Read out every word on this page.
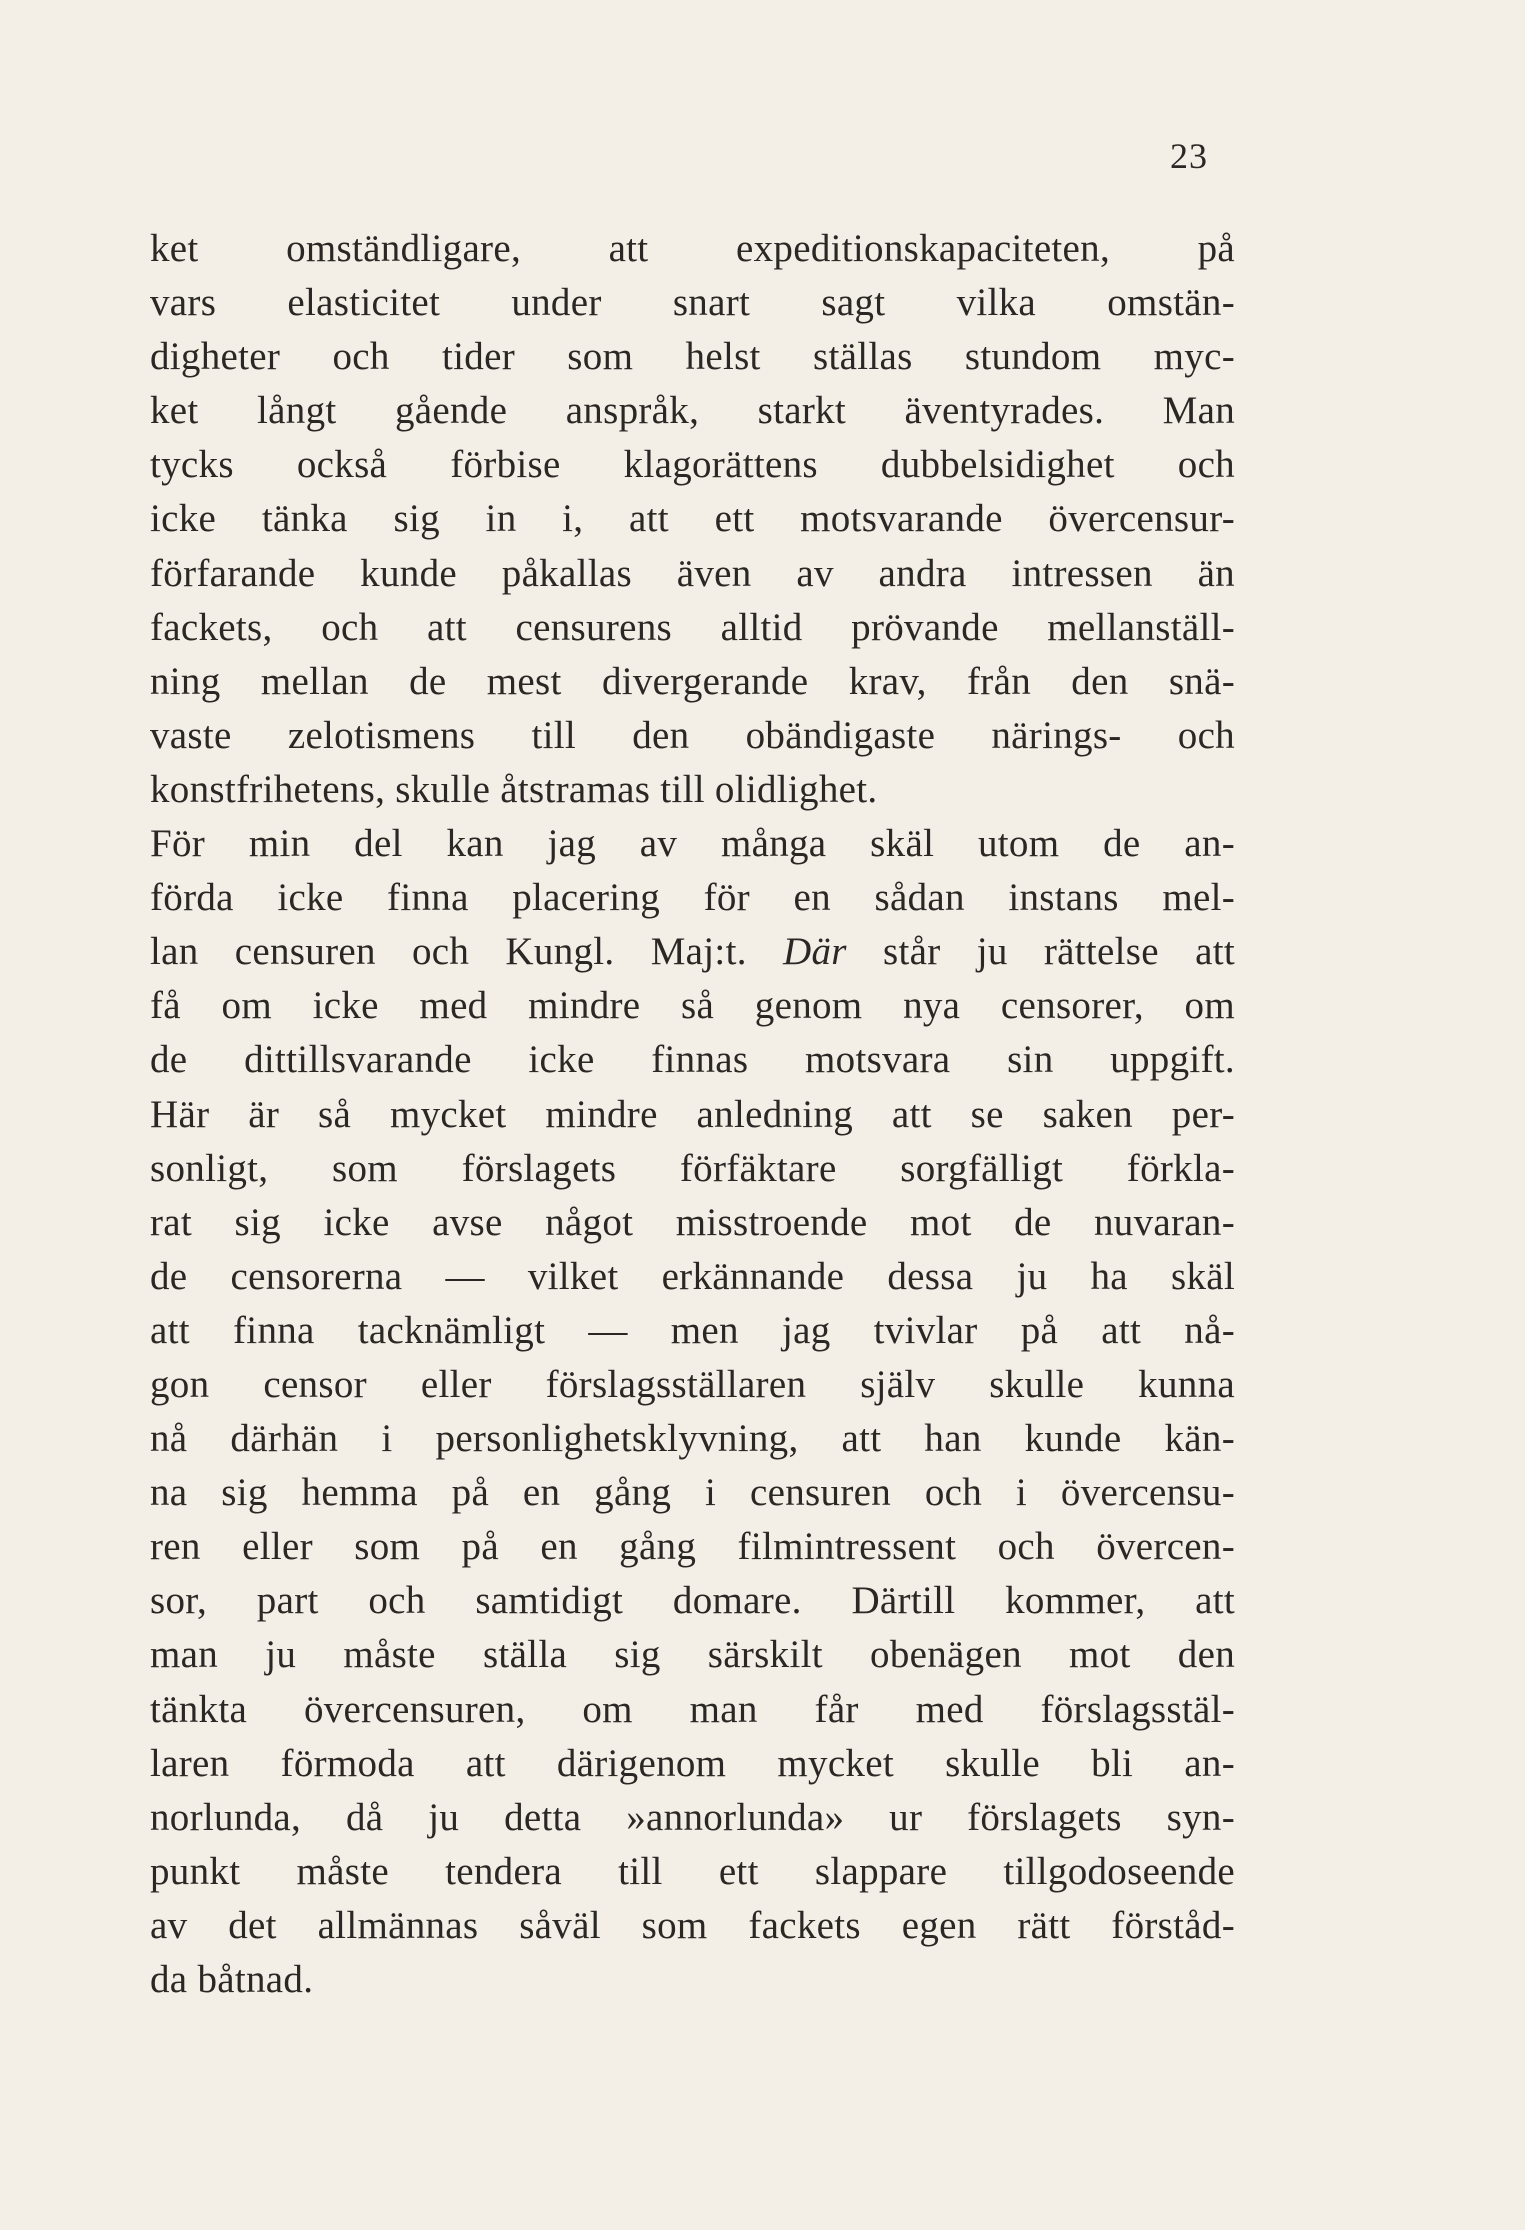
23
ket omständligare, att expeditionskapaciteten, på
vars elasticitet under snart sagt vilka omstän-
digheter och tider som helst ställas stundom myc-
ket långt gående anspråk, starkt äventyrades. Man
tycks också förbise klagorättens dubbelsidighet och
icke tänka sig in i, att ett motsvarande övercensur-
förfarande kunde påkallas även av andra intressen än
fackets, och att censurens alltid prövande mellanställ-
ning mellan de mest divergerande krav, från den snä-
vaste zelotismens till den obändigaste närings- och
konstfrihetens, skulle åtstramas till olidlighet.
För min del kan jag av många skäl utom de an-
förda icke finna placering för en sådan instans mel-
lan censuren och Kungl. Maj:t. Där står ju rättelse att
få om icke med mindre så genom nya censorer, om
de dittillsvarande icke finnas motsvara sin uppgift.
Här är så mycket mindre anledning att se saken per-
sonligt, som förslagets förfäktare sorgfälligt förkla-
rat sig icke avse något misstroende mot de nuvaran-
de censorerna — vilket erkännande dessa ju ha skäl
att finna tacknämligt — men jag tvivlar på att nå-
gon censor eller förslagsställaren själv skulle kunna
nå därhän i personlighetsklyvning, att han kunde kän-
na sig hemma på en gång i censuren och i övercensu-
ren eller som på en gång filmintressent och övercen-
sor, part och samtidigt domare. Därtill kommer, att
man ju måste ställa sig särskilt obenägen mot den
tänkta övercensuren, om man får med förslagsstäl-
laren förmoda att därigenom mycket skulle bli an-
norlunda, då ju detta »annorlunda» ur förslagets syn-
punkt måste tendera till ett slappare tillgodoseende
av det allmännas såväl som fackets egen rätt förståd-
da båtnad.
